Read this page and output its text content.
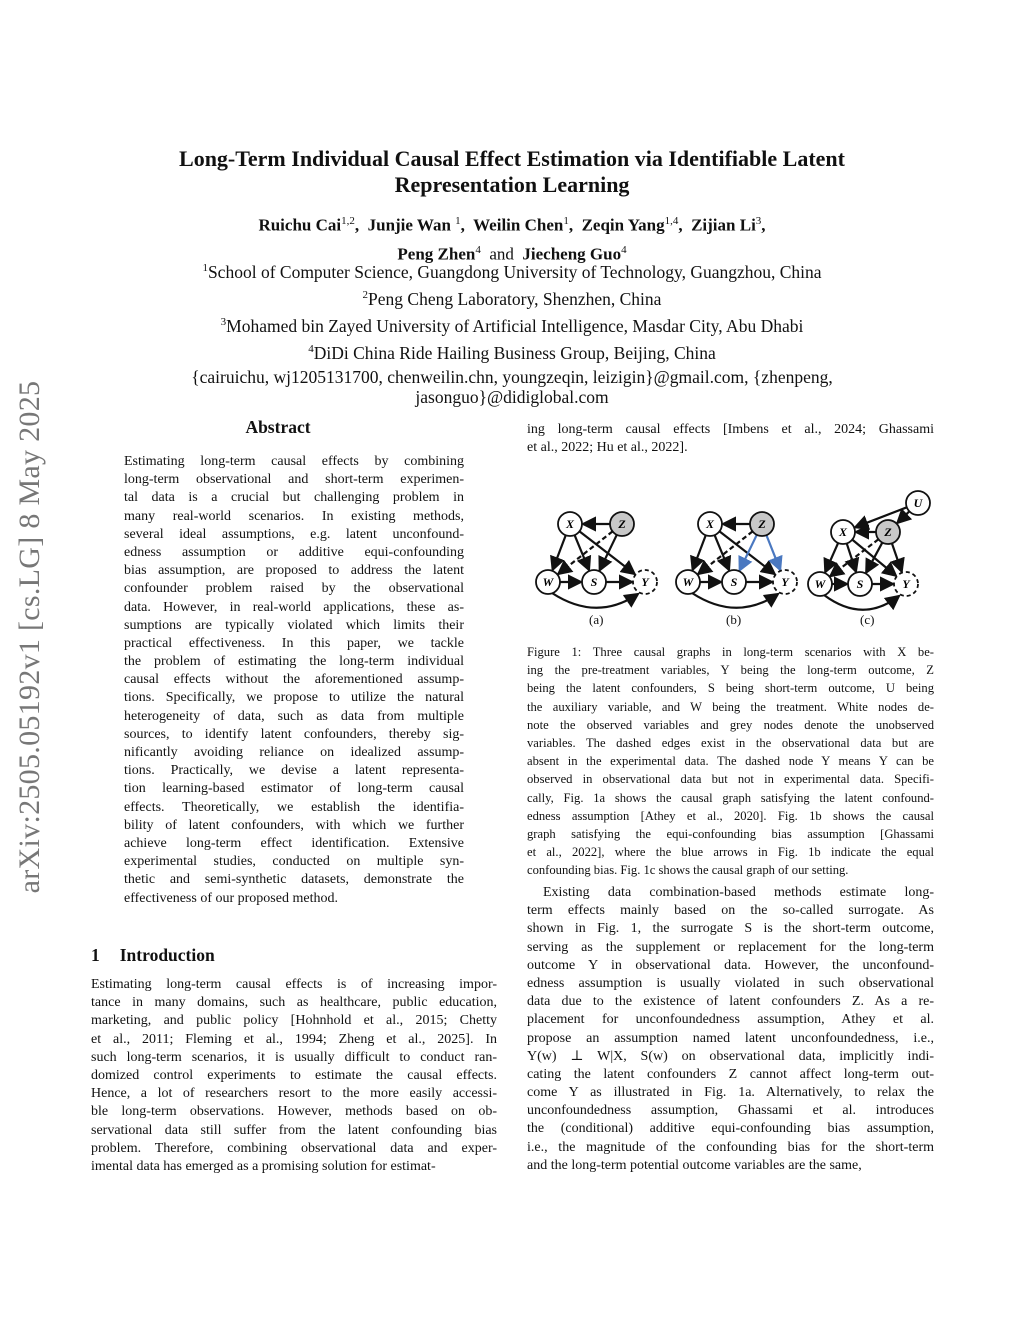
arXiv:2505.05192v1 [cs.LG] 8 May 2025
Long-Term Individual Causal Effect Estimation via Identifiable Latent
Representation Learning
Ruichu Cai$^{1,2}$,  Junjie Wan $^1$,  Weilin Chen$^1$,  Zeqin Yang$^{1,4}$,  Zijian Li$^3$,
Peng Zhen$^4$ and Jiecheng Guo$^4$
$^1$School of Computer Science, Guangdong University of Technology, Guangzhou, China
$^2$Peng Cheng Laboratory, Shenzhen, China
$^3$Mohamed bin Zayed University of Artificial Intelligence, Masdar City, Abu Dhabi
$^4$DiDi China Ride Hailing Business Group, Beijing, China
{cairuichu, wj1205131700, chenweilin.chn, youngzeqin, leizigin}@gmail.com, {zhenpeng,
jasonguo}@didiglobal.com
Abstract
Estimating long-term causal effects by combining
long-term observational and short-term experimen-
tal data is a crucial but challenging problem in
many real-world scenarios. In existing methods,
several ideal assumptions, e.g. latent unconfound-
edness assumption or additive equi-confounding
bias assumption, are proposed to address the latent
confounder problem raised by the observational
data. However, in real-world applications, these as-
sumptions are typically violated which limits their
practical effectiveness. In this paper, we tackle
the problem of estimating the long-term individual
causal effects without the aforementioned assump-
tions. Specifically, we propose to utilize the natural
heterogeneity of data, such as data from multiple
sources, to identify latent confounders, thereby sig-
nificantly avoiding reliance on idealized assump-
tions. Practically, we devise a latent representa-
tion learning-based estimator of long-term causal
effects. Theoretically, we establish the identifia-
bility of latent confounders, with which we further
achieve long-term effect identification. Extensive
experimental studies, conducted on multiple syn-
thetic and semi-synthetic datasets, demonstrate the
effectiveness of our proposed method.
1 Introduction
Estimating long-term causal effects is of increasing impor-
tance in many domains, such as healthcare, public education,
marketing, and public policy [Hohnhold et al., 2015; Chetty
et al., 2011; Fleming et al., 1994; Zheng et al., 2025]. In
such long-term scenarios, it is usually difficult to conduct ran-
domized control experiments to estimate the causal effects.
Hence, a lot of researchers resort to the more easily accessi-
ble long-term observations. However, methods based on ob-
servational data still suffer from the latent confounding bias
problem. Therefore, combining observational data and exper-
imental data has emerged as a promising solution for estimat-
ing long-term causal effects [Imbens et al., 2024; Ghassami
et al., 2022; Hu et al., 2022].
X	Z
W	S	Y
X	Z
W	S	Y
X	Z
W	S	Y
U
(a)	(b)	(c)
Figure 1: Three causal graphs in long-term scenarios with X be-
ing the pre-treatment variables, Y being the long-term outcome, Z
being the latent confounders, S being short-term outcome, U being
the auxiliary variable, and W being the treatment. White nodes de-
note the observed variables and grey nodes denote the unobserved
variables. The dashed edges exist in the observational data but are
absent in the experimental data. The dashed node Y means Y can be
observed in observational data but not in experimental data. Specifi-
cally, Fig. 1a shows the causal graph satisfying the latent confound-
edness assumption [Athey et al., 2020]. Fig. 1b shows the causal
graph satisfying the equi-confounding bias assumption [Ghassami
et al., 2022], where the blue arrows in Fig. 1b indicate the equal
confounding bias. Fig. 1c shows the causal graph of our setting.
Existing data combination-based methods estimate long-
term effects mainly based on the so-called surrogate. As
shown in Fig. 1, the surrogate S is the short-term outcome,
serving as the supplement or replacement for the long-term
outcome Y in observational data. However, the unconfound-
edness assumption is usually violated in such observational
data due to the existence of latent confounders Z. As a re-
placement for unconfoundedness assumption, Athey et al.
propose an assumption named latent unconfoundedness, i.e.,
Y(w) ⊥ W|X, S(w) on observational data, implicitly indi-
cating the latent confounders Z cannot affect long-term out-
come Y as illustrated in Fig. 1a. Alternatively, to relax the
unconfoundedness assumption, Ghassami et al. introduces
the (conditional) additive equi-confounding bias assumption,
i.e., the magnitude of the confounding bias for the short-term
and the long-term potential outcome variables are the same,
